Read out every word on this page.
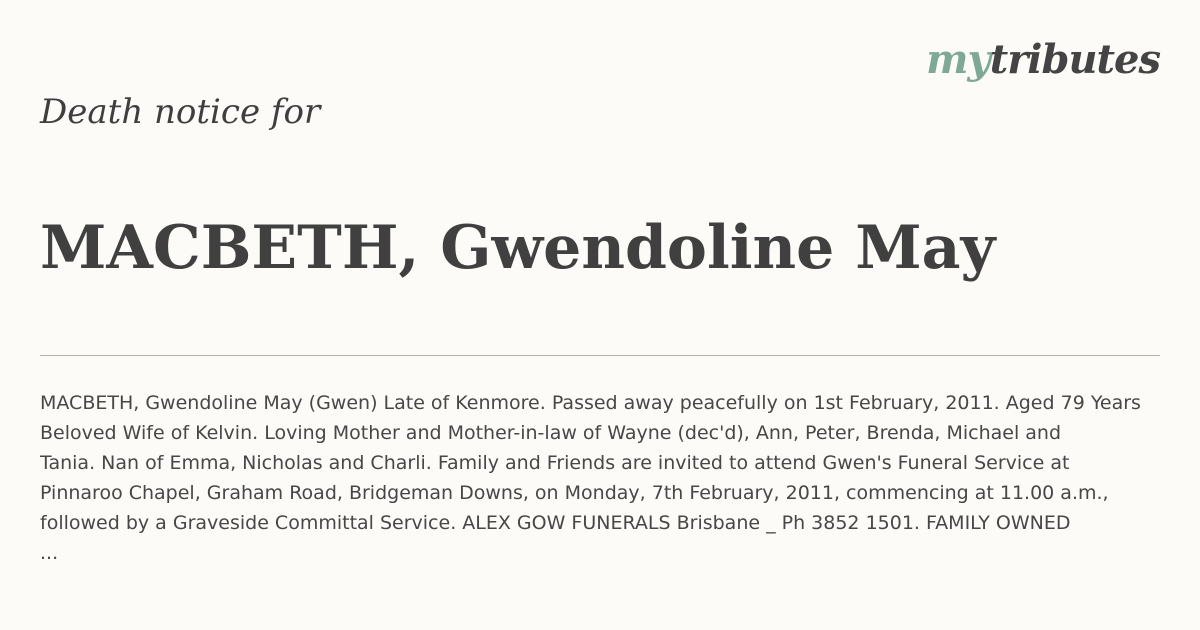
mytributes
Death notice for
MACBETH, Gwendoline May
MACBETH, Gwendoline May (Gwen) Late of Kenmore. Passed away peacefully on 1st February, 2011. Aged 79 Years
Beloved Wife of Kelvin. Loving Mother and Mother-in-law of Wayne (dec'd), Ann, Peter, Brenda, Michael and
Tania. Nan of Emma, Nicholas and Charli. Family and Friends are invited to attend Gwen's Funeral Service at
Pinnaroo Chapel, Graham Road, Bridgeman Downs, on Monday, 7th February, 2011, commencing at 11.00 a.m.,
followed by a Graveside Committal Service. ALEX GOW FUNERALS Brisbane _ Ph 3852 1501. FAMILY OWNED
...
